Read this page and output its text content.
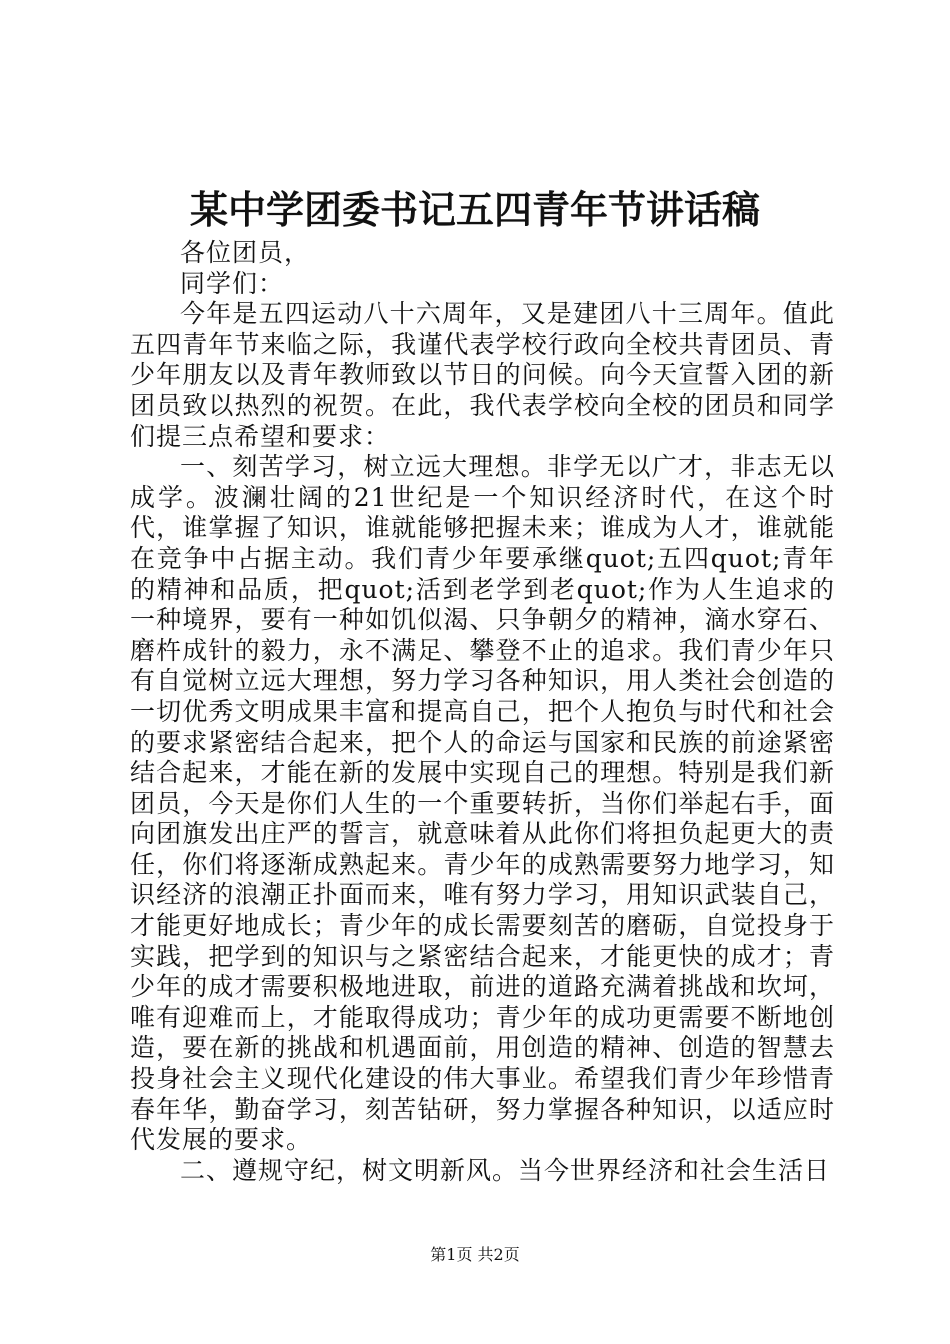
某中学团委书记五四青年节讲话稿

各位团员，

同学们：

今年是五四运动八十六周年，又是建团八十三周年。值此五四青年节来临之际，我谨代表学校行政向全校共青团员、青少年朋友以及青年教师致以节日的问候。向今天宣誓入团的新团员致以热烈的祝贺。在此，我代表学校向全校的团员和同学们提三点希望和要求：

一、刻苦学习，树立远大理想。非学无以广才，非志无以成学。波澜壮阔的21世纪是一个知识经济时代，在这个时代，谁掌握了知识，谁就能够把握未来；谁成为人才，谁就能在竞争中占据主动。我们青少年要承继quot;五四quot;青年的精神和品质，把quot;活到老学到老quot;作为人生追求的一种境界，要有一种如饥似渴、只争朝夕的精神，滴水穿石、磨杵成针的毅力，永不满足、攀登不止的追求。我们青少年只有自觉树立远大理想，努力学习各种知识，用人类社会创造的一切优秀文明成果丰富和提高自己，把个人抱负与时代和社会的要求紧密结合起来，把个人的命运与国家和民族的前途紧密结合起来，才能在新的发展中实现自己的理想。特别是我们新团员，今天是你们人生的一个重要转折，当你们举起右手，面向团旗发出庄严的誓言，就意味着从此你们将担负起更大的责任，你们将逐渐成熟起来。青少年的成熟需要努力地学习，知识经济的浪潮正扑面而来，唯有努力学习，用知识武装自己，才能更好地成长；青少年的成长需要刻苦的磨砺，自觉投身于实践，把学到的知识与之紧密结合起来，才能更快的成才；青少年的成才需要积极地进取，前进的道路充满着挑战和坎坷，唯有迎难而上，才能取得成功；青少年的成功更需要不断地创造，要在新的挑战和机遇面前，用创造的精神、创造的智慧去投身社会主义现代化建设的伟大事业。希望我们青少年珍惜青春年华，勤奋学习，刻苦钻研，努力掌握各种知识，以适应时代发展的要求。

二、遵规守纪，树文明新风。当今世界经济和社会生活日

第1页 共2页
